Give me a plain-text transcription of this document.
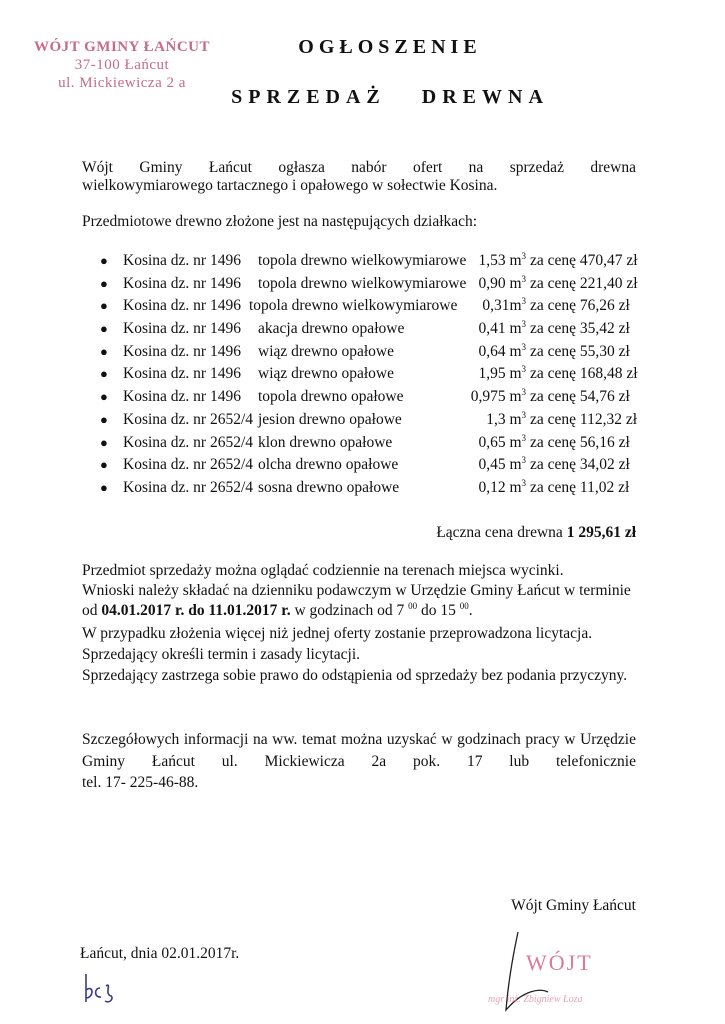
WÓJT GMINY ŁAŃCUT
37-100 Łańcut
ul. Mickiewicza 2 a
OGŁOSZENIE
SPRZEDAŻ DREWNA
Wójt Gminy Łańcut ogłasza nabór ofert na sprzedaż drewna
wielkowymiarowego tartacznego i opałowego w sołectwie Kosina.
Przedmiotowe drewno złożone jest na następujących działkach:
● Kosina dz. nr 1496 topola drewno wielkowymiarowe 1,53 $m^3$ za cenę 470,47 zł
● Kosina dz. nr 1496 topola drewno wielkowymiarowe 0,90 $m^3$ za cenę 221,40 zł
● Kosina dz. nr 1496 topola drewno wielkowymiarowe	$0,31m^3$ za cenę 76,26 zł
● Kosina dz. nr 1496 akacja drewno opałowe	0,41 $m^3$ za cenę 35,42 zł
● Kosina dz. nr 1496 wiąz drewno opałowe	0,64 $m^3$ za cenę 55,30 zł
● Kosina dz. nr 1496 wiąz drewno opałowe	1,95 $m^3$ za cenę 168,48 zł
● Kosina dz. nr 1496 topola drewno opałowe	0,975 $m^3$ za cenę 54,76 zł
● Kosina dz. nr 2652/4 jesion drewno opałowe	1,3 $m^3$ za cenę 112,32 zł
● Kosina dz. nr 2652/4 klon drewno opałowe	0,65 $m^3$ za cenę 56,16 zł
● Kosina dz. nr 2652/4 olcha drewno opałowe	0,45 $m^3$ za cenę 34,02 zł
● Kosina dz. nr 2652/4 sosna drewno opałowe	0,12 $m^3$ za cenę 11,02 zł
Łączna cena drewna 1 295,61 zł
Przedmiot sprzedaży można oglądać codziennie na terenach miejsca wycinki.
Wnioski należy składać na dzienniku podawczym w Urzędzie Gminy Łańcut w terminie
od 04.01.2017 r. do 11.01.2017 r. w godzinach od 7 $^{00}$ do 15 $^{00}$.
W przypadku złożenia więcej niż jednej oferty zostanie przeprowadzona licytacja.
Sprzedający określi termin i zasady licytacji.
Sprzedający zastrzega sobie prawo do odstąpienia od sprzedaży bez podania przyczyny.
Szczegółowych informacji na ww. temat można uzyskać w godzinach pracy w Urzędzie
Gminy Łańcut ul. Mickiewicza 2a pok. 17 lub telefonicznie
tel. 17- 225-46-88.
Wójt Gminy Łańcut
Łańcut, dnia 02.01.2017r.	WÓJT
mgr inż. Zbigniew Łoza
